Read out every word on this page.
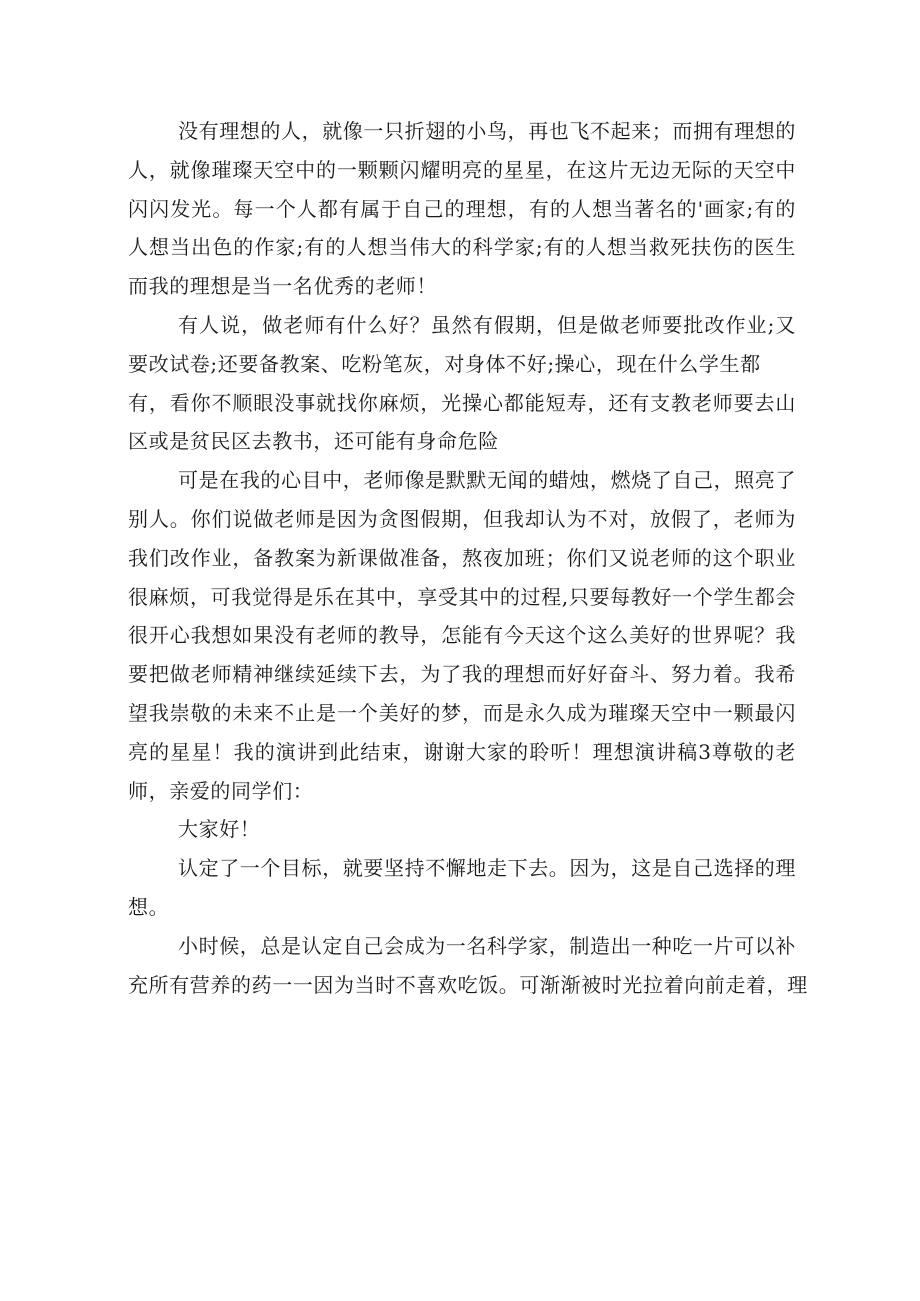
没有理想的人，就像一只折翅的小鸟，再也飞不起来；而拥有理想的
人，就像璀璨天空中的一颗颗闪耀明亮的星星，在这片无边无际的天空中
闪闪发光。每一个人都有属于自己的理想，有的人想当著名的'画家;有的
人想当出色的作家;有的人想当伟大的科学家;有的人想当救死扶伤的医生
而我的理想是当一名优秀的老师！
有人说，做老师有什么好？虽然有假期，但是做老师要批改作业;又
要改试卷;还要备教案、吃粉笔灰，对身体不好;操心，现在什么学生都
有，看你不顺眼没事就找你麻烦，光操心都能短寿，还有支教老师要去山
区或是贫民区去教书，还可能有身命危险
可是在我的心目中，老师像是默默无闻的蜡烛，燃烧了自己，照亮了
别人。你们说做老师是因为贪图假期，但我却认为不对，放假了，老师为
我们改作业，备教案为新课做准备，熬夜加班；你们又说老师的这个职业
很麻烦，可我觉得是乐在其中，享受其中的过程,只要每教好一个学生都会
很开心我想如果没有老师的教导，怎能有今天这个这么美好的世界呢？我
要把做老师精神继续延续下去，为了我的理想而好好奋斗、努力着。我希
望我崇敬的未来不止是一个美好的梦，而是永久成为璀璨天空中一颗最闪
亮的星星！我的演讲到此结束，谢谢大家的聆听！理想演讲稿3尊敬的老
师，亲爱的同学们：
大家好！
认定了一个目标，就要坚持不懈地走下去。因为，这是自己选择的理
想。
小时候，总是认定自己会成为一名科学家，制造出一种吃一片可以补
充所有营养的药一一因为当时不喜欢吃饭。可渐渐被时光拉着向前走着，理
